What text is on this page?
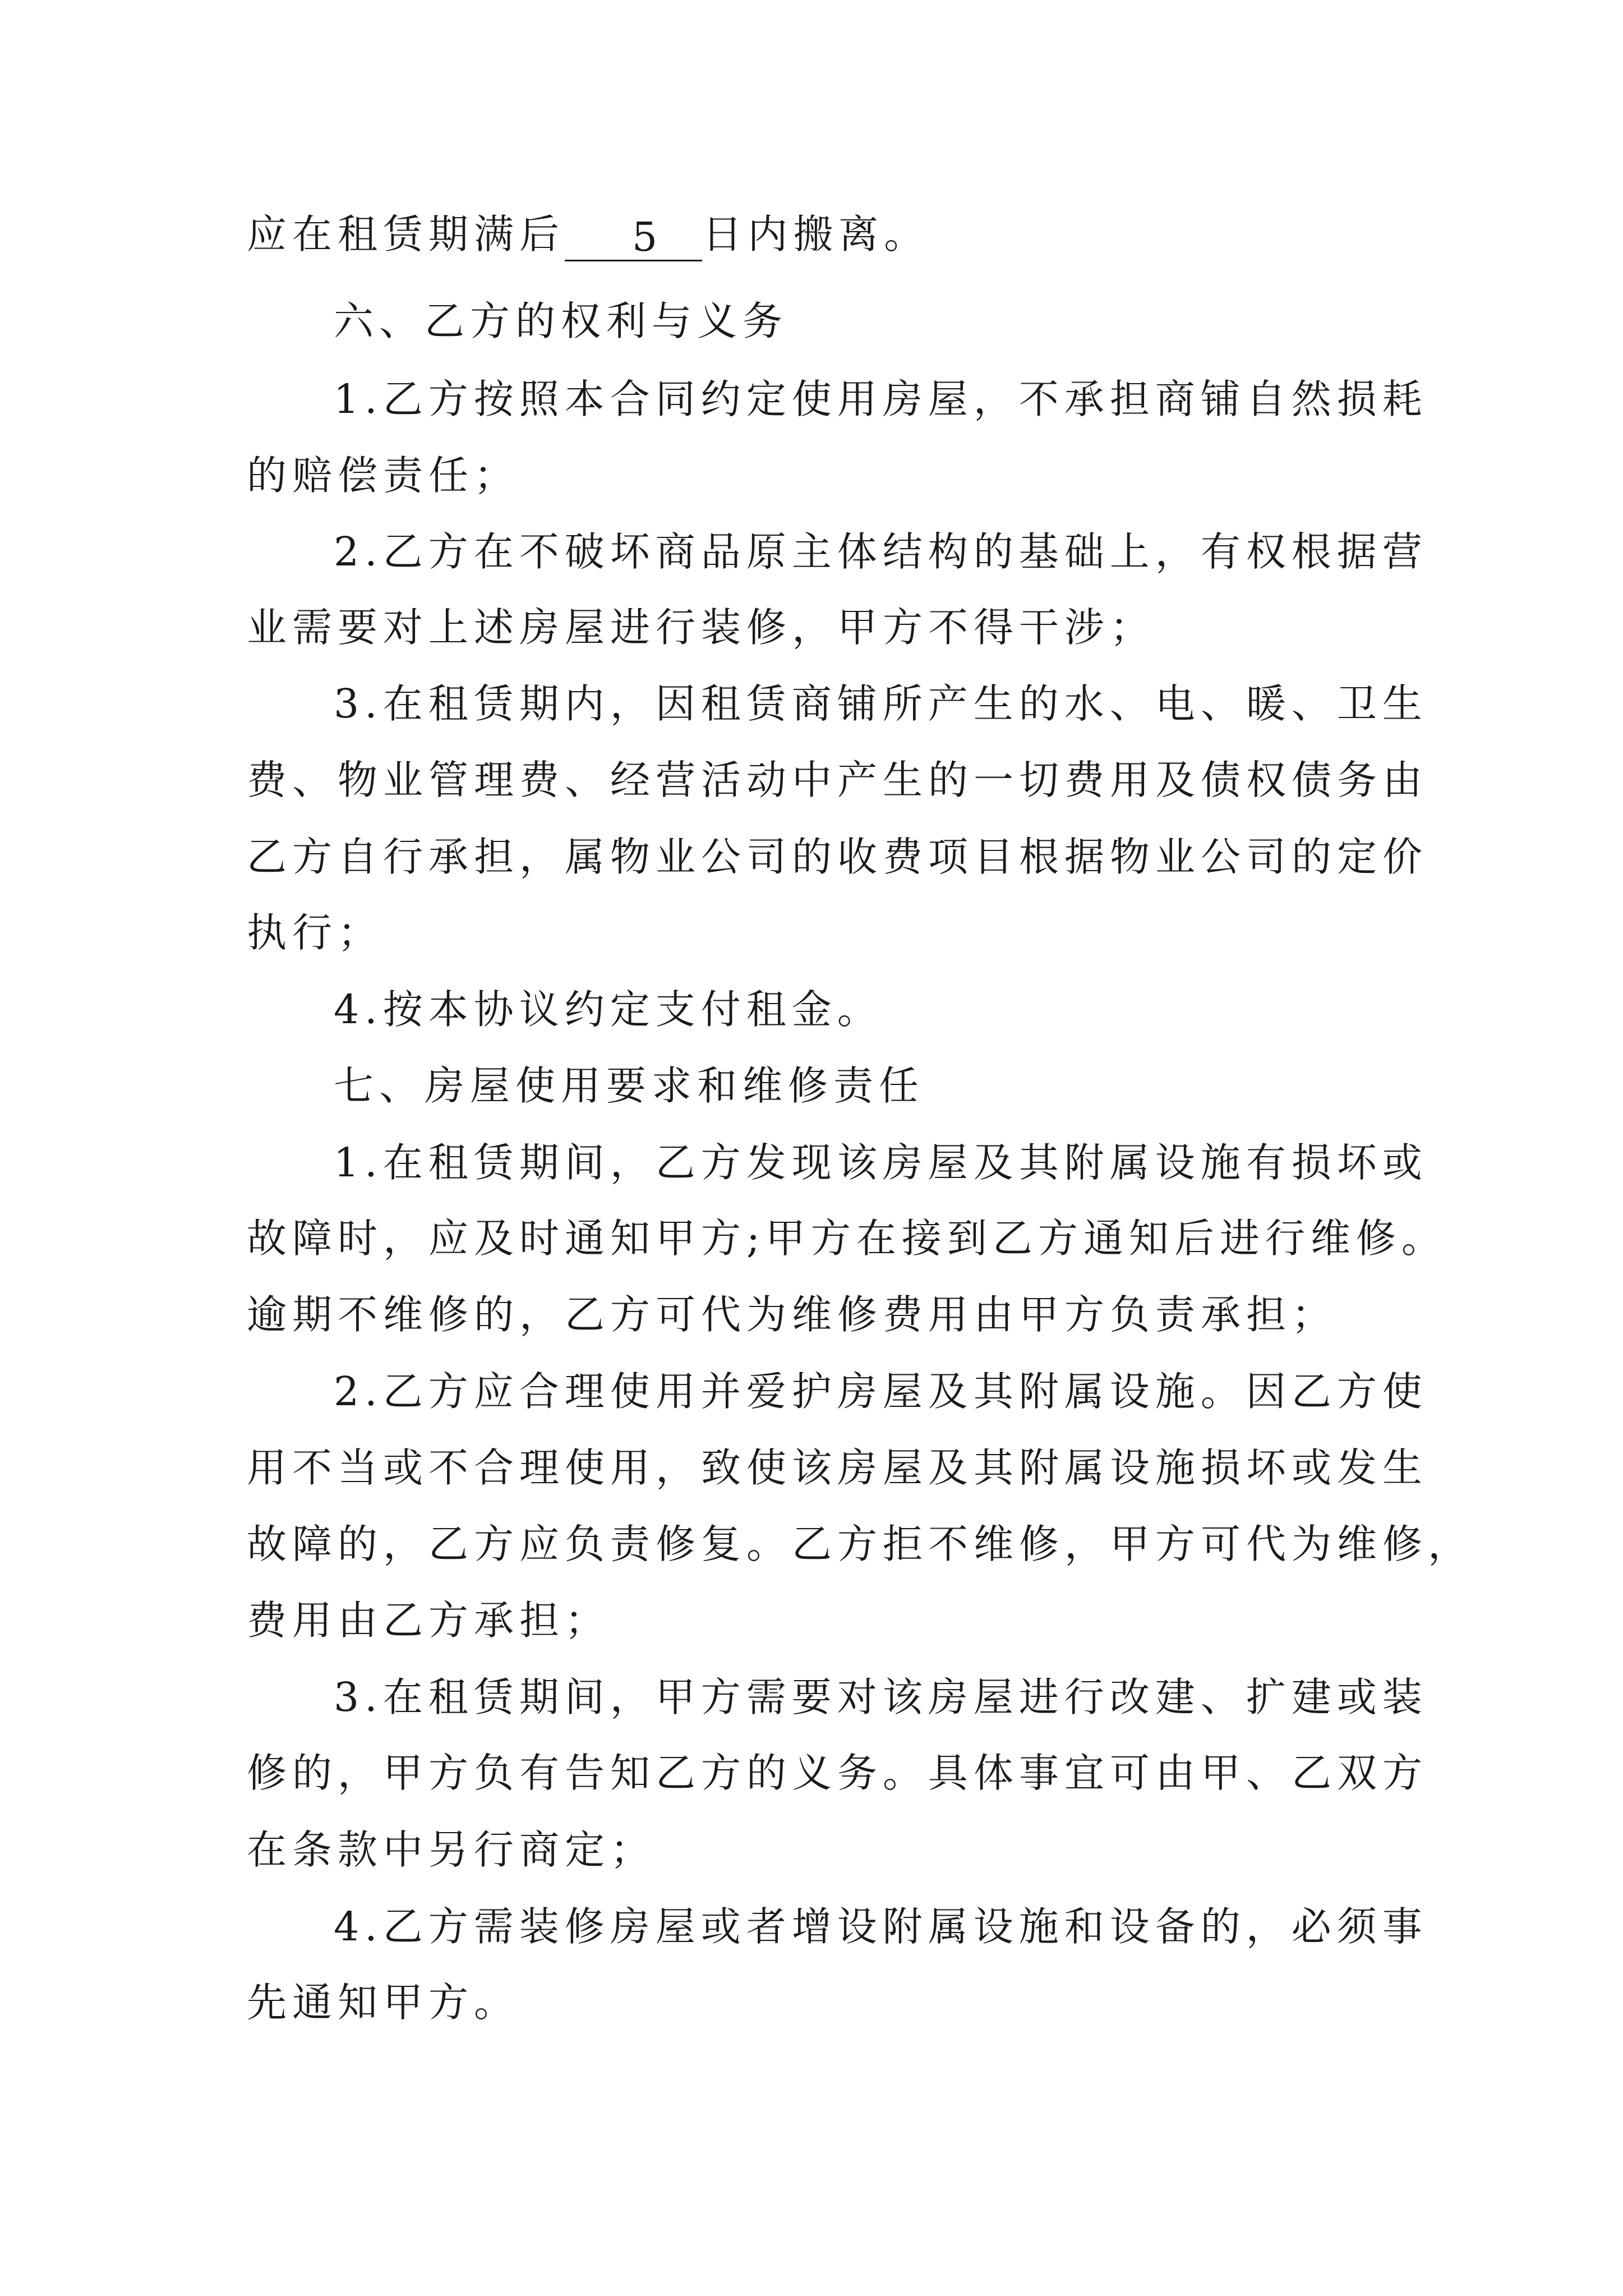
应在租赁期满后 5 日内搬离。
六、乙方的权利与义务
1.乙方按照本合同约定使用房屋，不承担商铺自然损耗
的赔偿责任；
2.乙方在不破坏商品原主体结构的基础上，有权根据营
业需要对上述房屋进行装修，甲方不得干涉；
3.在租赁期内，因租赁商铺所产生的水、电、暖、卫生
费、物业管理费、经营活动中产生的一切费用及债权债务由
乙方自行承担，属物业公司的收费项目根据物业公司的定价
执行；
4.按本协议约定支付租金。
七、房屋使用要求和维修责任
1.在租赁期间，乙方发现该房屋及其附属设施有损坏或
故障时，应及时通知甲方;甲方在接到乙方通知后进行维修。
逾期不维修的，乙方可代为维修费用由甲方负责承担；
2.乙方应合理使用并爱护房屋及其附属设施。因乙方使
用不当或不合理使用，致使该房屋及其附属设施损坏或发生
故障的，乙方应负责修复。乙方拒不维修，甲方可代为维修，
费用由乙方承担；
3.在租赁期间，甲方需要对该房屋进行改建、扩建或装
修的，甲方负有告知乙方的义务。具体事宜可由甲、乙双方
在条款中另行商定；
4.乙方需装修房屋或者增设附属设施和设备的，必须事
先通知甲方。
